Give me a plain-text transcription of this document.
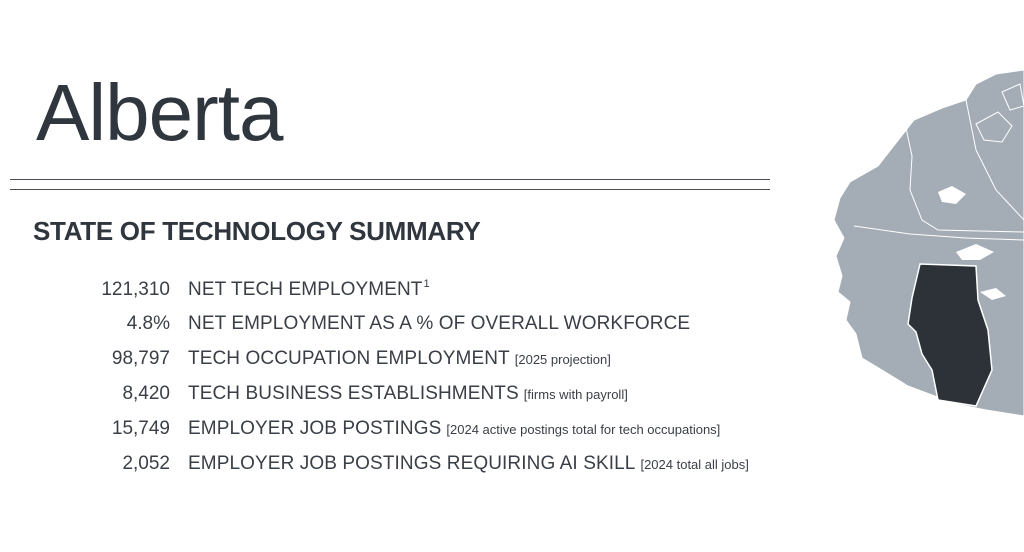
Alberta
STATE OF TECHNOLOGY SUMMARY
121,310 NET TECH EMPLOYMENT$^1$
4.8% NET EMPLOYMENT AS A % OF OVERALL WORKFORCE
98,797 TECH OCCUPATION EMPLOYMENT [2025 projection]
8,420 TECH BUSINESS ESTABLISHMENTS [firms with payroll]
15,749 EMPLOYER JOB POSTINGS [2024 active postings total for tech occupations]
2,052 EMPLOYER JOB POSTINGS REQUIRING AI SKILL [2024 total all jobs]
